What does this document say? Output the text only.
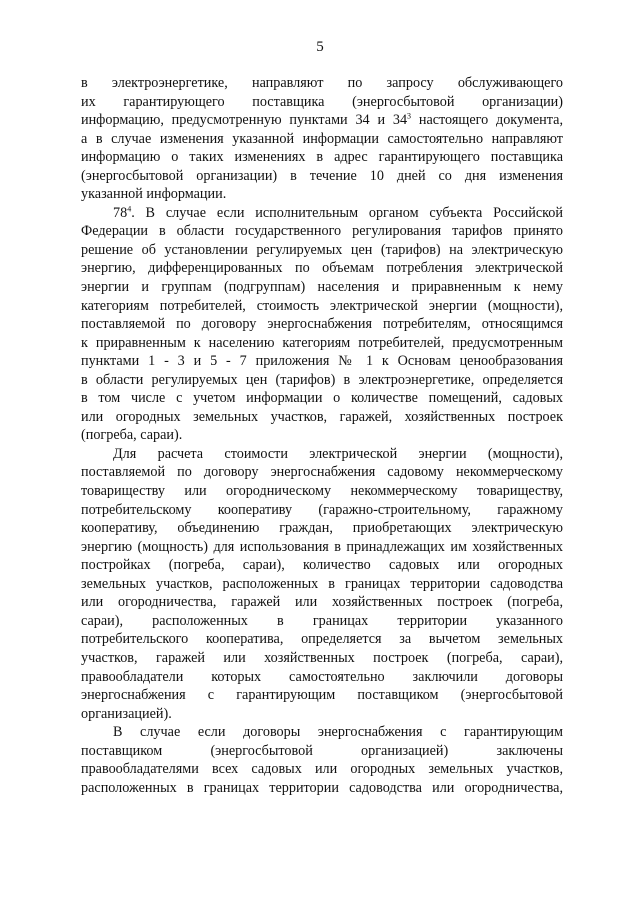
5
в электроэнергетике, направляют по запросу обслуживающего
их гарантирующего поставщика (энергосбытовой организации)
информацию, предусмотренную пунктами 34 и $34^3$ настоящего документа,
а в случае изменения указанной информации самостоятельно направляют
информацию о таких изменениях в адрес гарантирующего поставщика
(энергосбытовой организации) в течение 10 дней со дня изменения
указанной информации.
$78^4$. В случае если исполнительным органом субъекта Российской
Федерации в области государственного регулирования тарифов принято
решение об установлении регулируемых цен (тарифов) на электрическую
энергию, дифференцированных по объемам потребления электрической
энергии и группам (подгруппам) населения и приравненным к нему
категориям потребителей, стоимость электрической энергии (мощности),
поставляемой по договору энергоснабжения потребителям, относящимся
к приравненным к населению категориям потребителей, предусмотренным
пунктами 1 - 3 и 5 - 7 приложения № 1 к Основам ценообразования
в области регулируемых цен (тарифов) в электроэнергетике, определяется
в том числе с учетом информации о количестве помещений, садовых
или огородных земельных участков, гаражей, хозяйственных построек
(погреба, сараи).
Для расчета стоимости электрической энергии (мощности),
поставляемой по договору энергоснабжения садовому некоммерческому
товариществу или огородническому некоммерческому товариществу,
потребительскому кооперативу (гаражно-строительному, гаражному
кооперативу, объединению граждан, приобретающих электрическую
энергию (мощность) для использования в принадлежащих им хозяйственных
постройках (погреба, сараи), количество садовых или огородных
земельных участков, расположенных в границах территории садоводства
или огородничества, гаражей или хозяйственных построек (погреба,
сараи), расположенных в границах территории указанного
потребительского кооператива, определяется за вычетом земельных
участков, гаражей или хозяйственных построек (погреба, сараи),
правообладатели которых самостоятельно заключили договоры
энергоснабжения с гарантирующим поставщиком (энергосбытовой
организацией).
В случае если договоры энергоснабжения с гарантирующим
поставщиком (энергосбытовой организацией) заключены
правообладателями всех садовых или огородных земельных участков,
расположенных в границах территории садоводства или огородничества,
